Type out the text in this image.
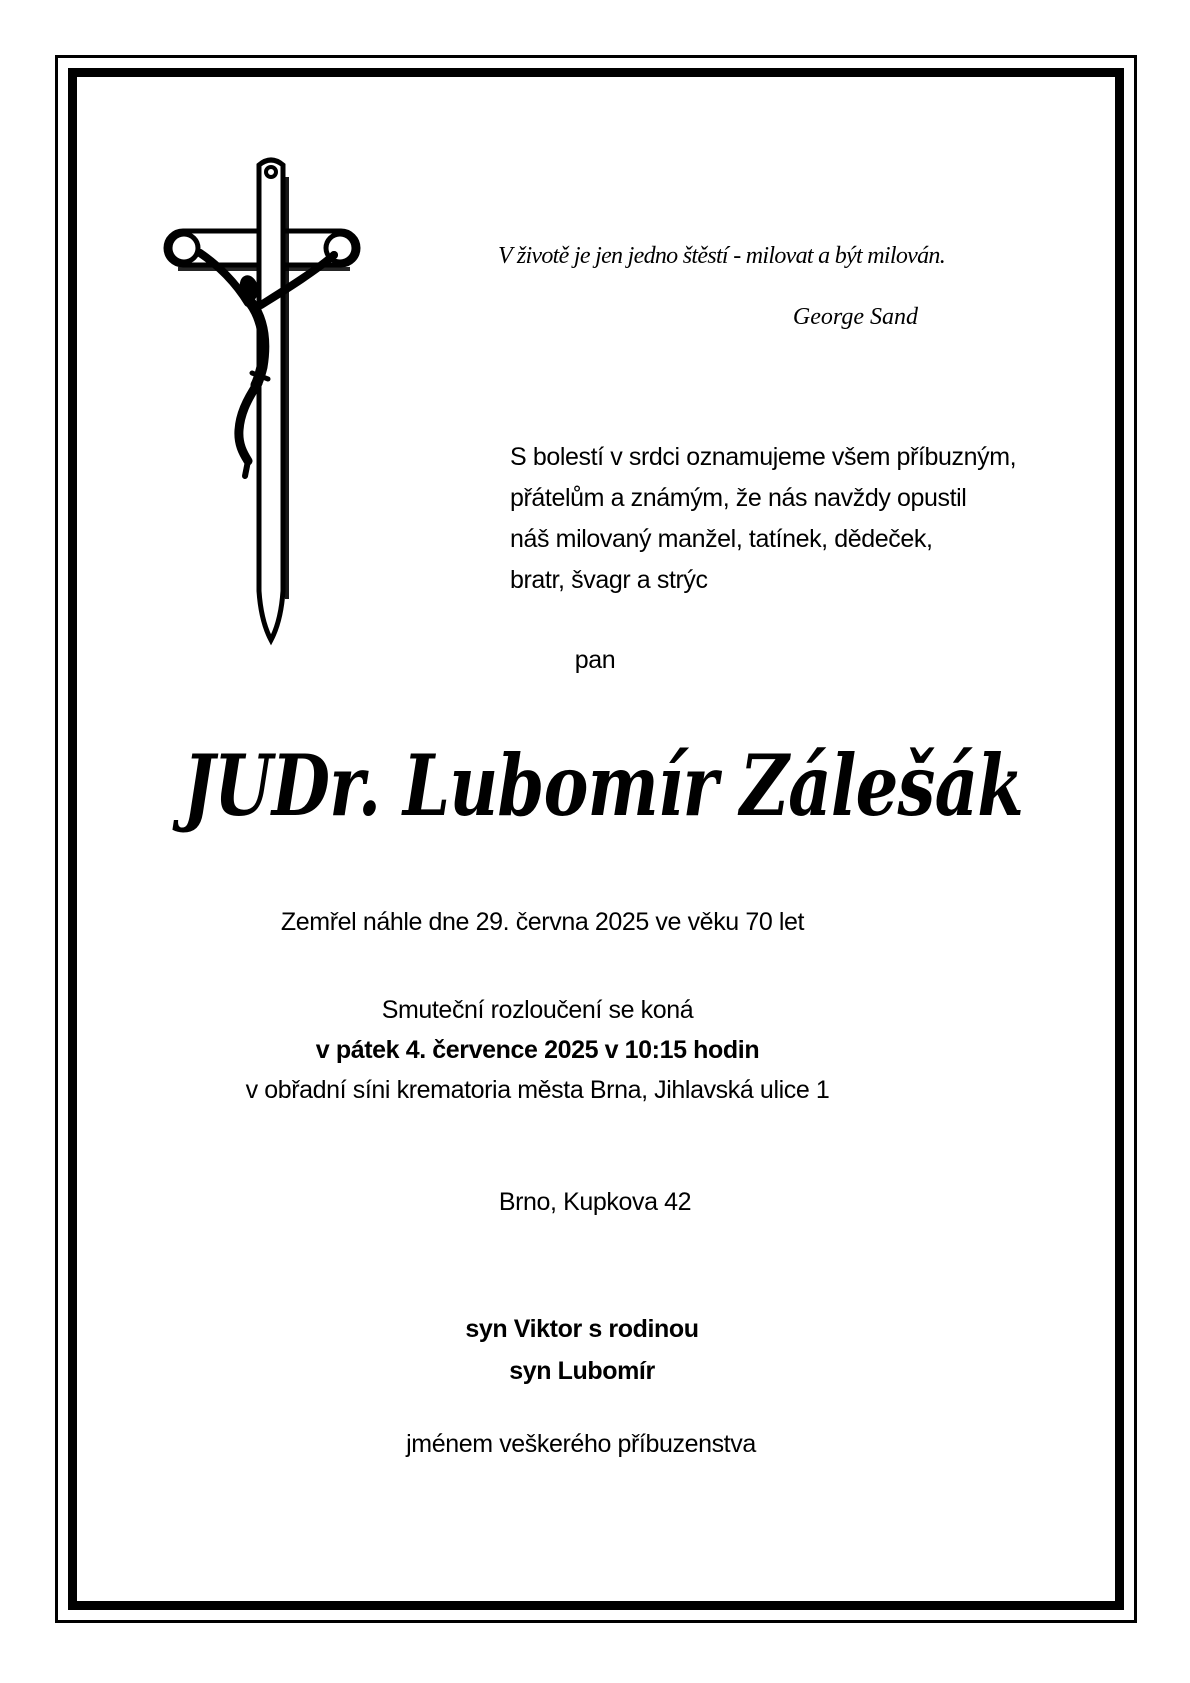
V životě je jen jedno štěstí - milovat a být milován.
George Sand
S bolestí v srdci oznamujeme všem příbuzným,
přátelům a známým, že nás navždy opustil
náš milovaný manžel, tatínek, dědeček,
bratr, švagr a strýc
pan
JUDr. Lubomír Zálešák
Zemřel náhle dne 29. června 2025 ve věku 70 let
Smuteční rozloučení se koná
v pátek 4. července 2025 v 10:15 hodin
v obřadní síni krematoria města Brna, Jihlavská ulice 1
Brno, Kupkova 42
syn Viktor s rodinou
syn Lubomír
jménem veškerého příbuzenstva
